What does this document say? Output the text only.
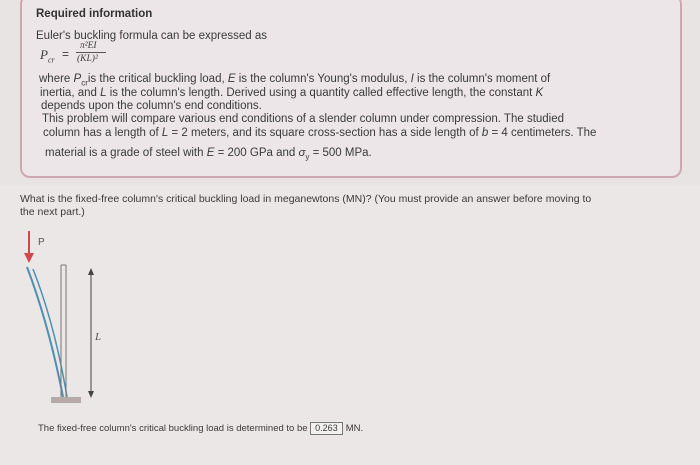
Required information
Euler's buckling formula can be expressed as
$P_{cr}$ =
π²EI
(KL)²
where $P_{cr}is$ the critical buckling load, E is the column's Young's modulus, I is the column's moment of
inertia, and L is the column's length. Derived using a quantity called effective length, the constant K
depends upon the column's end conditions.
This problem will compare various end conditions of a slender column under compression. The studied
column has a length of L = 2 meters, and its square cross-section has a side length of b = 4 centimeters. The
material is a grade of steel with E = 200 GPa and $\sigma_y = 500$ MPa.
What is the fixed-free column's critical buckling load in meganewtons (MN)? (You must provide an answer before moving to
the next part.)
P
L
The fixed-free column's critical buckling load is determined to be 0.263 MN.
